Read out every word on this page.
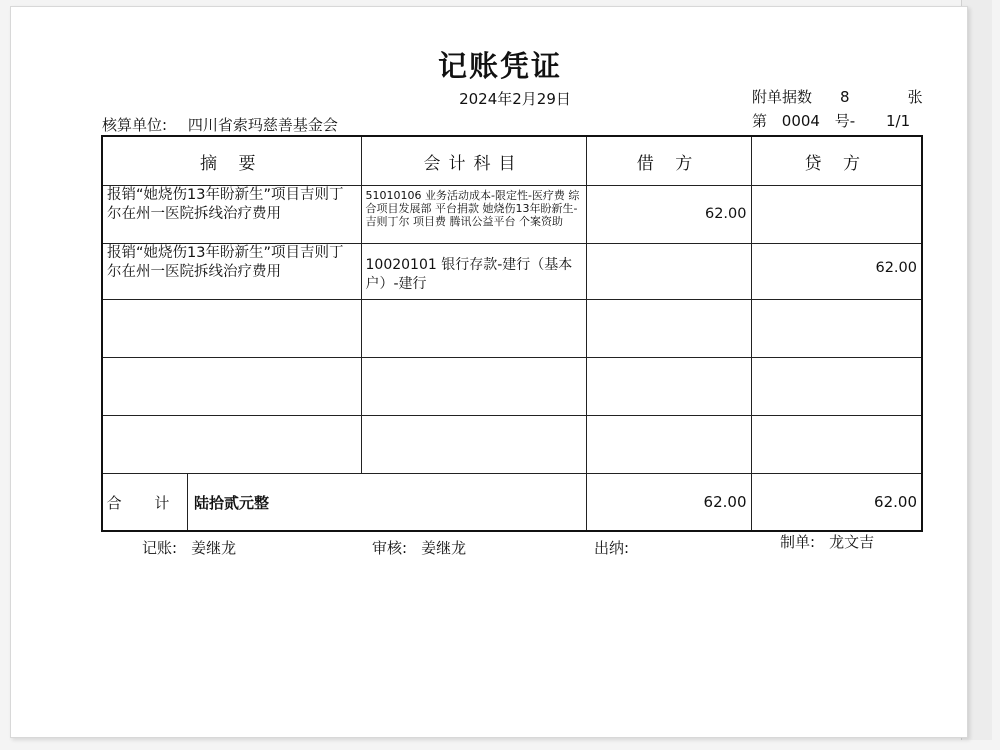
记账凭证
2024年2月29日	附单据数 8	张
核算单位: 四川省索玛慈善基金会	第 0004 号- 1/1
摘 要	会计科目	借 方	贷 方
报销“她烧伤13年盼新生”项目吉则丁尔在州一医院拆线治疗费用	51010106 业务活动成本-限定性-医疗费 综合项目发展部 平台捐款 她烧伤13年盼新生-吉则丁尔 项目费 腾讯公益平台 个案资助	62.00	
报销“她烧伤13年盼新生”项目吉则丁尔在州一医院拆线治疗费用	10020101 银行存款-建行（基本户）-建行		62.00

合 计 陆拾贰元整		62.00	62.00
记账: 姜继龙	审核: 姜继龙	出纳:	制单: 龙文吉
